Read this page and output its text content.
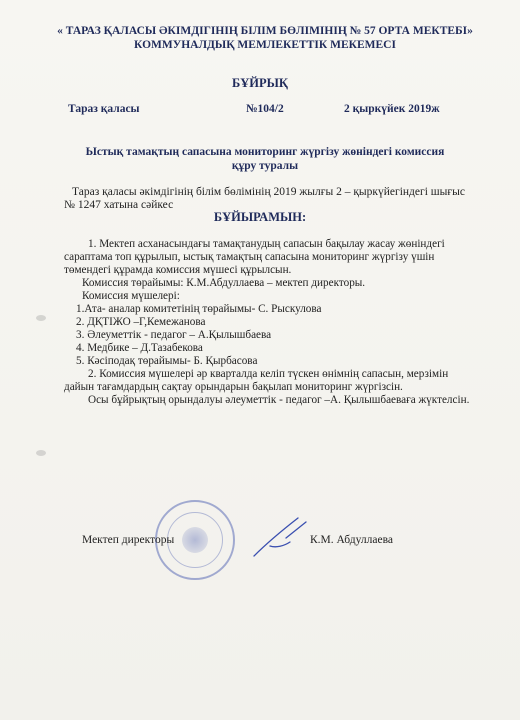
« ТАРАЗ ҚАЛАСЫ ӘКІМДІГІНІҢ БІЛІМ БӨЛІМІНІҢ № 57 ОРТА МЕКТЕБІ»
КОММУНАЛДЫҚ МЕМЛЕКЕТТІК МЕКЕМЕСІ
БҰЙРЫҚ
Тараз қаласы	№104/2	2 қыркүйек 2019ж
Ыстық тамақтың сапасына мониторинг жүргізу жөніндегі комиссия
құру туралы
Тараз қаласы әкімдігінің білім бөлімінің 2019 жылғы 2 – қыркүйегіндегі шығыс № 1247 хатына сәйкес
БҰЙЫРАМЫН:

1. Мектеп асханасындағы тамақтанудың сапасын бақылау жасау жөніндегі сараптама топ құрылып, ыстық тамақтың сапасына мониторинг жүргізу үшін төмендегі құрамда комиссия мүшесі құрылсын.

Комиссия төрайымы: К.М.Абдуллаева – мектеп директоры.

Комиссия мүшелері:

1.Ата- аналар комитетінің төрайымы- С. Рыскулова

2. ДҚТІЖО –Г,Кемежанова

3. Әлеуметтік - педагог – А.Қылышбаева

4. Медбике – Д.Тазабекова

5. Кәсіподақ төрайымы- Б. Қырбасова

2. Комиссия мүшелері әр кварталда келіп түскен өнімнің сапасын, мерзімін дайын тағамдардың сақтау орындарын бақылап мониторинг жүргізсін.

Осы бұйрықтың орындалуы әлеуметтік - педагог –А. Қылышбаеваға жүктелсін.

Мектеп директоры	К.М. Абдуллаева
